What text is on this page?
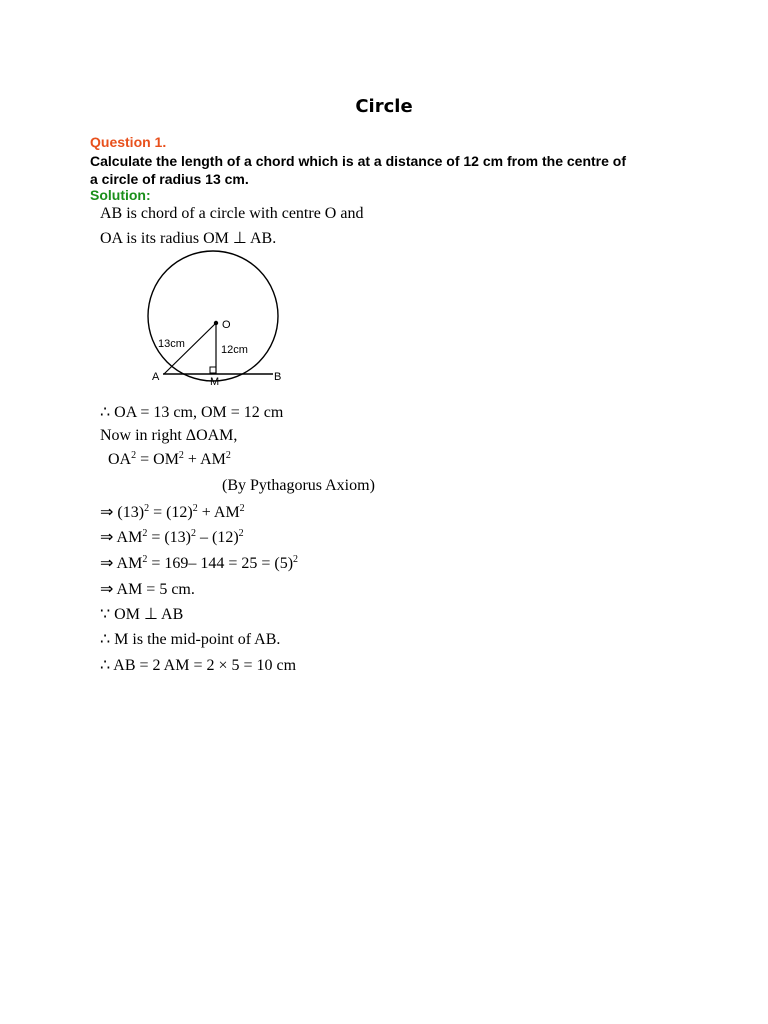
Circle
Question 1.
Calculate the length of a chord which is at a distance of 12 cm from the centre of
a circle of radius 13 cm.
Solution:
AB is chord of a circle with centre O and
OA is its radius OM ⊥ AB.
O
A	B
M
13cm	12cm
∴ OA = 13 cm, OM = 12 cm
Now in right ΔOAM,
$OA^2 = OM^2 + AM^2$
(By Pythagorus Axiom)
⇒ $(13)^2 = (12)^2 + AM^2$
⇒ $AM^2 = (13)^2 - (12)^2$
⇒ $AM^2 = 169-$ $144 = 25 = (5)^2$
⇒ AM = 5 cm.
∵ OM ⊥ AB
∴ M is the mid-point of AB.
∴ AB = 2 AM = 2 × 5 = 10 cm
